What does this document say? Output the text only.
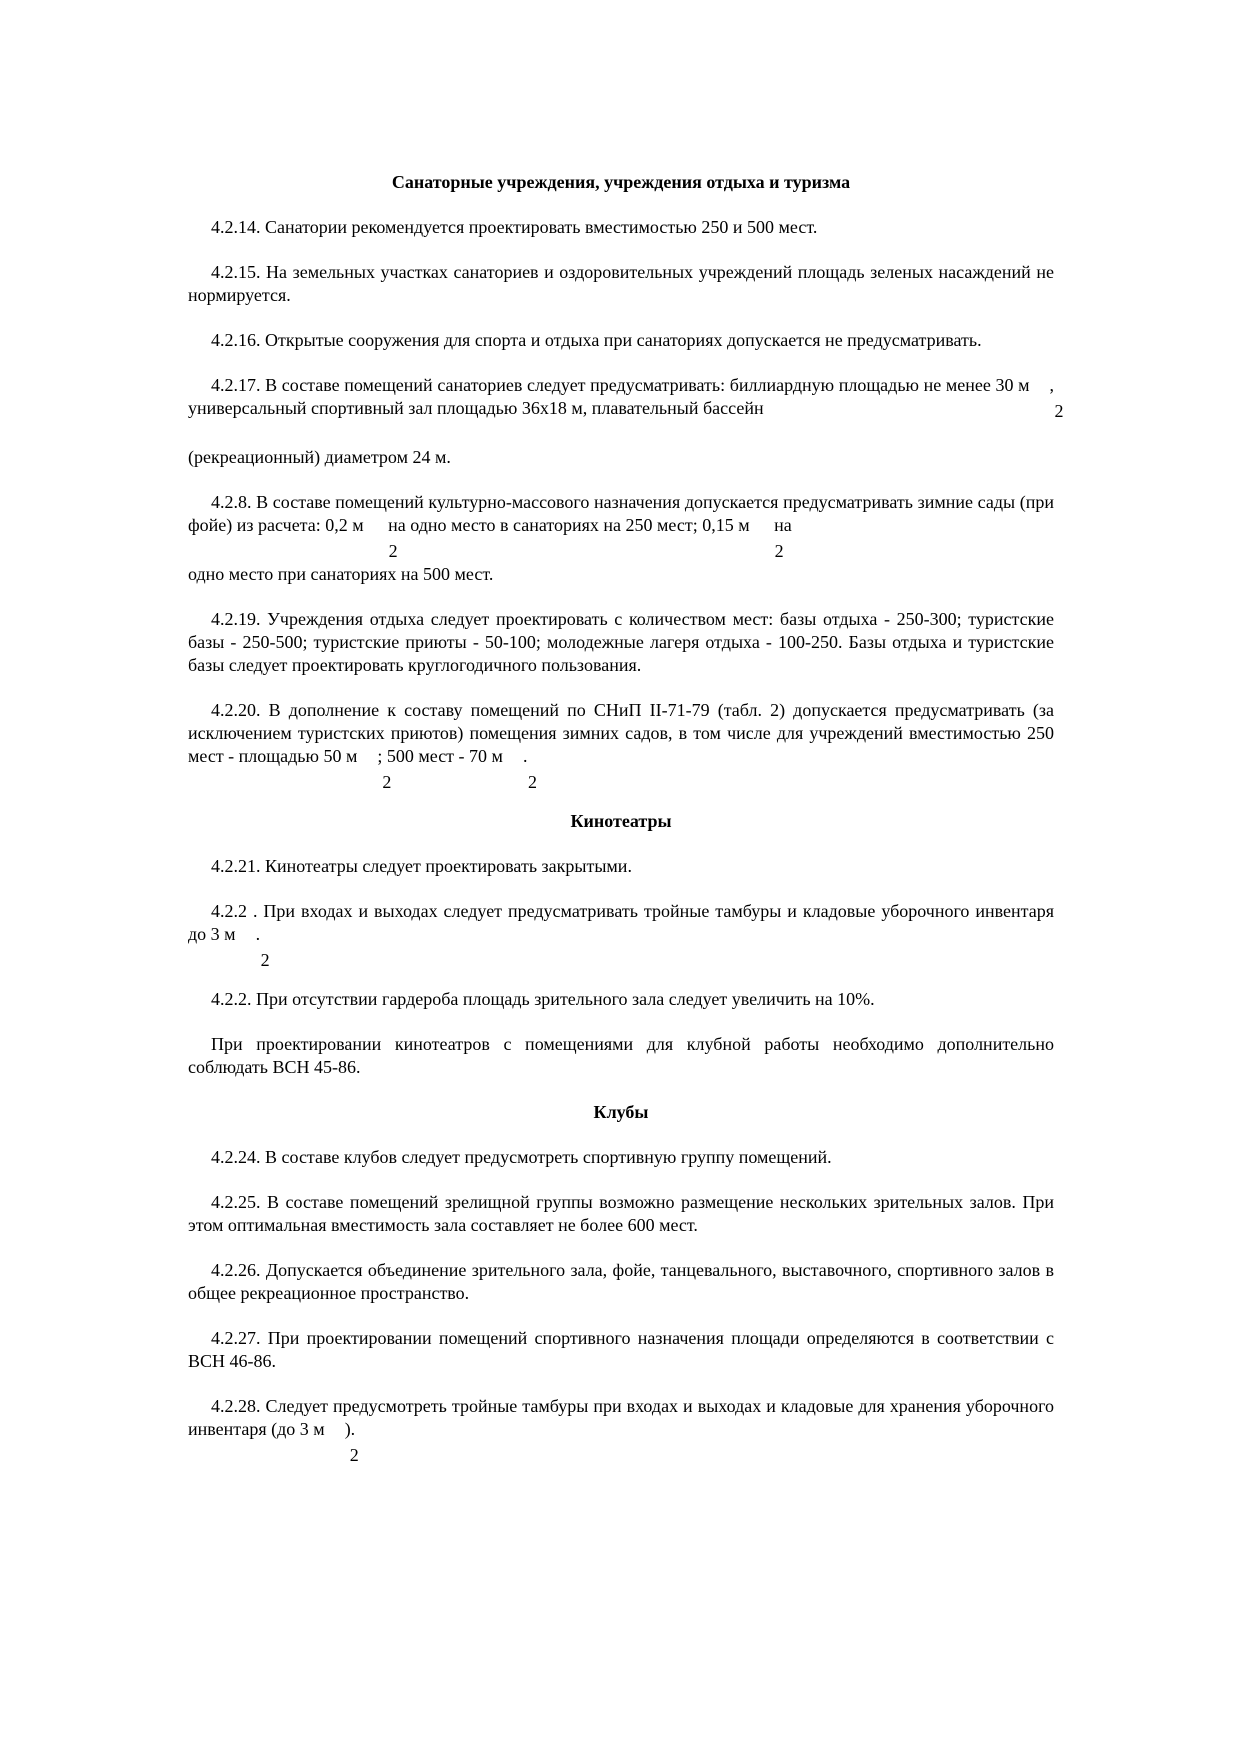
Санаторные учреждения, учреждения отдыха и туризма

4.2.14. Санатории рекомендуется проектировать вместимостью 250 и 500 мест.

4.2.15. На земельных участках санаториев и оздоровительных учреждений площадь зеленых насаждений не нормируется.

4.2.16. Открытые сооружения для спорта и отдыха при санаториях допускается не предусматривать.

4.2.17. В составе помещений санаториев следует предусматривать: биллиардную площадью не менее 30 м
2
, универсальный спортивный зал площадью 36х18 м, плавательный бассейн

(рекреационный) диаметром 24 м.

4.2.8. В составе помещений культурно-массового назначения допускается предусматривать зимние сады (при фойе) из расчета: 0,2 м
2
на одно место в санаториях на 250 мест; 0,15 м
2
на

одно место при санаториях на 500 мест.

4.2.19. Учреждения отдыха следует проектировать с количеством мест: базы отдыха - 250-300; туристские базы - 250-500; туристские приюты - 50-100; молодежные лагеря отдыха - 100-250. Базы отдыха и туристские базы следует проектировать круглогодичного пользования.

4.2.20. В дополнение к составу помещений по СНиП II-71-79 (табл. 2) допускается предусматривать (за исключением туристских приютов) помещения зимних садов, в том числе для учреждений вместимостью 250 мест - площадью 50 м
2
; 500 мест - 70 м
2
.

Кинотеатры

4.2.21. Кинотеатры следует проектировать закрытыми.

4.2.2 . При входах и выходах следует предусматривать тройные тамбуры и кладовые уборочного инвентаря до 3 м
2
.

4.2.2. При отсутствии гардероба площадь зрительного зала следует увеличить на 10%.

При проектировании кинотеатров с помещениями для клубной работы необходимо дополнительно соблюдать ВСН 45-86.

Клубы

4.2.24. В составе клубов следует предусмотреть спортивную группу помещений.

4.2.25. В составе помещений зрелищной группы возможно размещение нескольких зрительных залов. При этом оптимальная вместимость зала составляет не более 600 мест.

4.2.26. Допускается объединение зрительного зала, фойе, танцевального, выставочного, спортивного залов в общее рекреационное пространство.

4.2.27. При проектировании помещений спортивного назначения площади определяются в соответствии с ВСН 46-86.

4.2.28. Следует предусмотреть тройные тамбуры при входах и выходах и кладовые для хранения уборочного инвентаря (до 3 м
2
).
